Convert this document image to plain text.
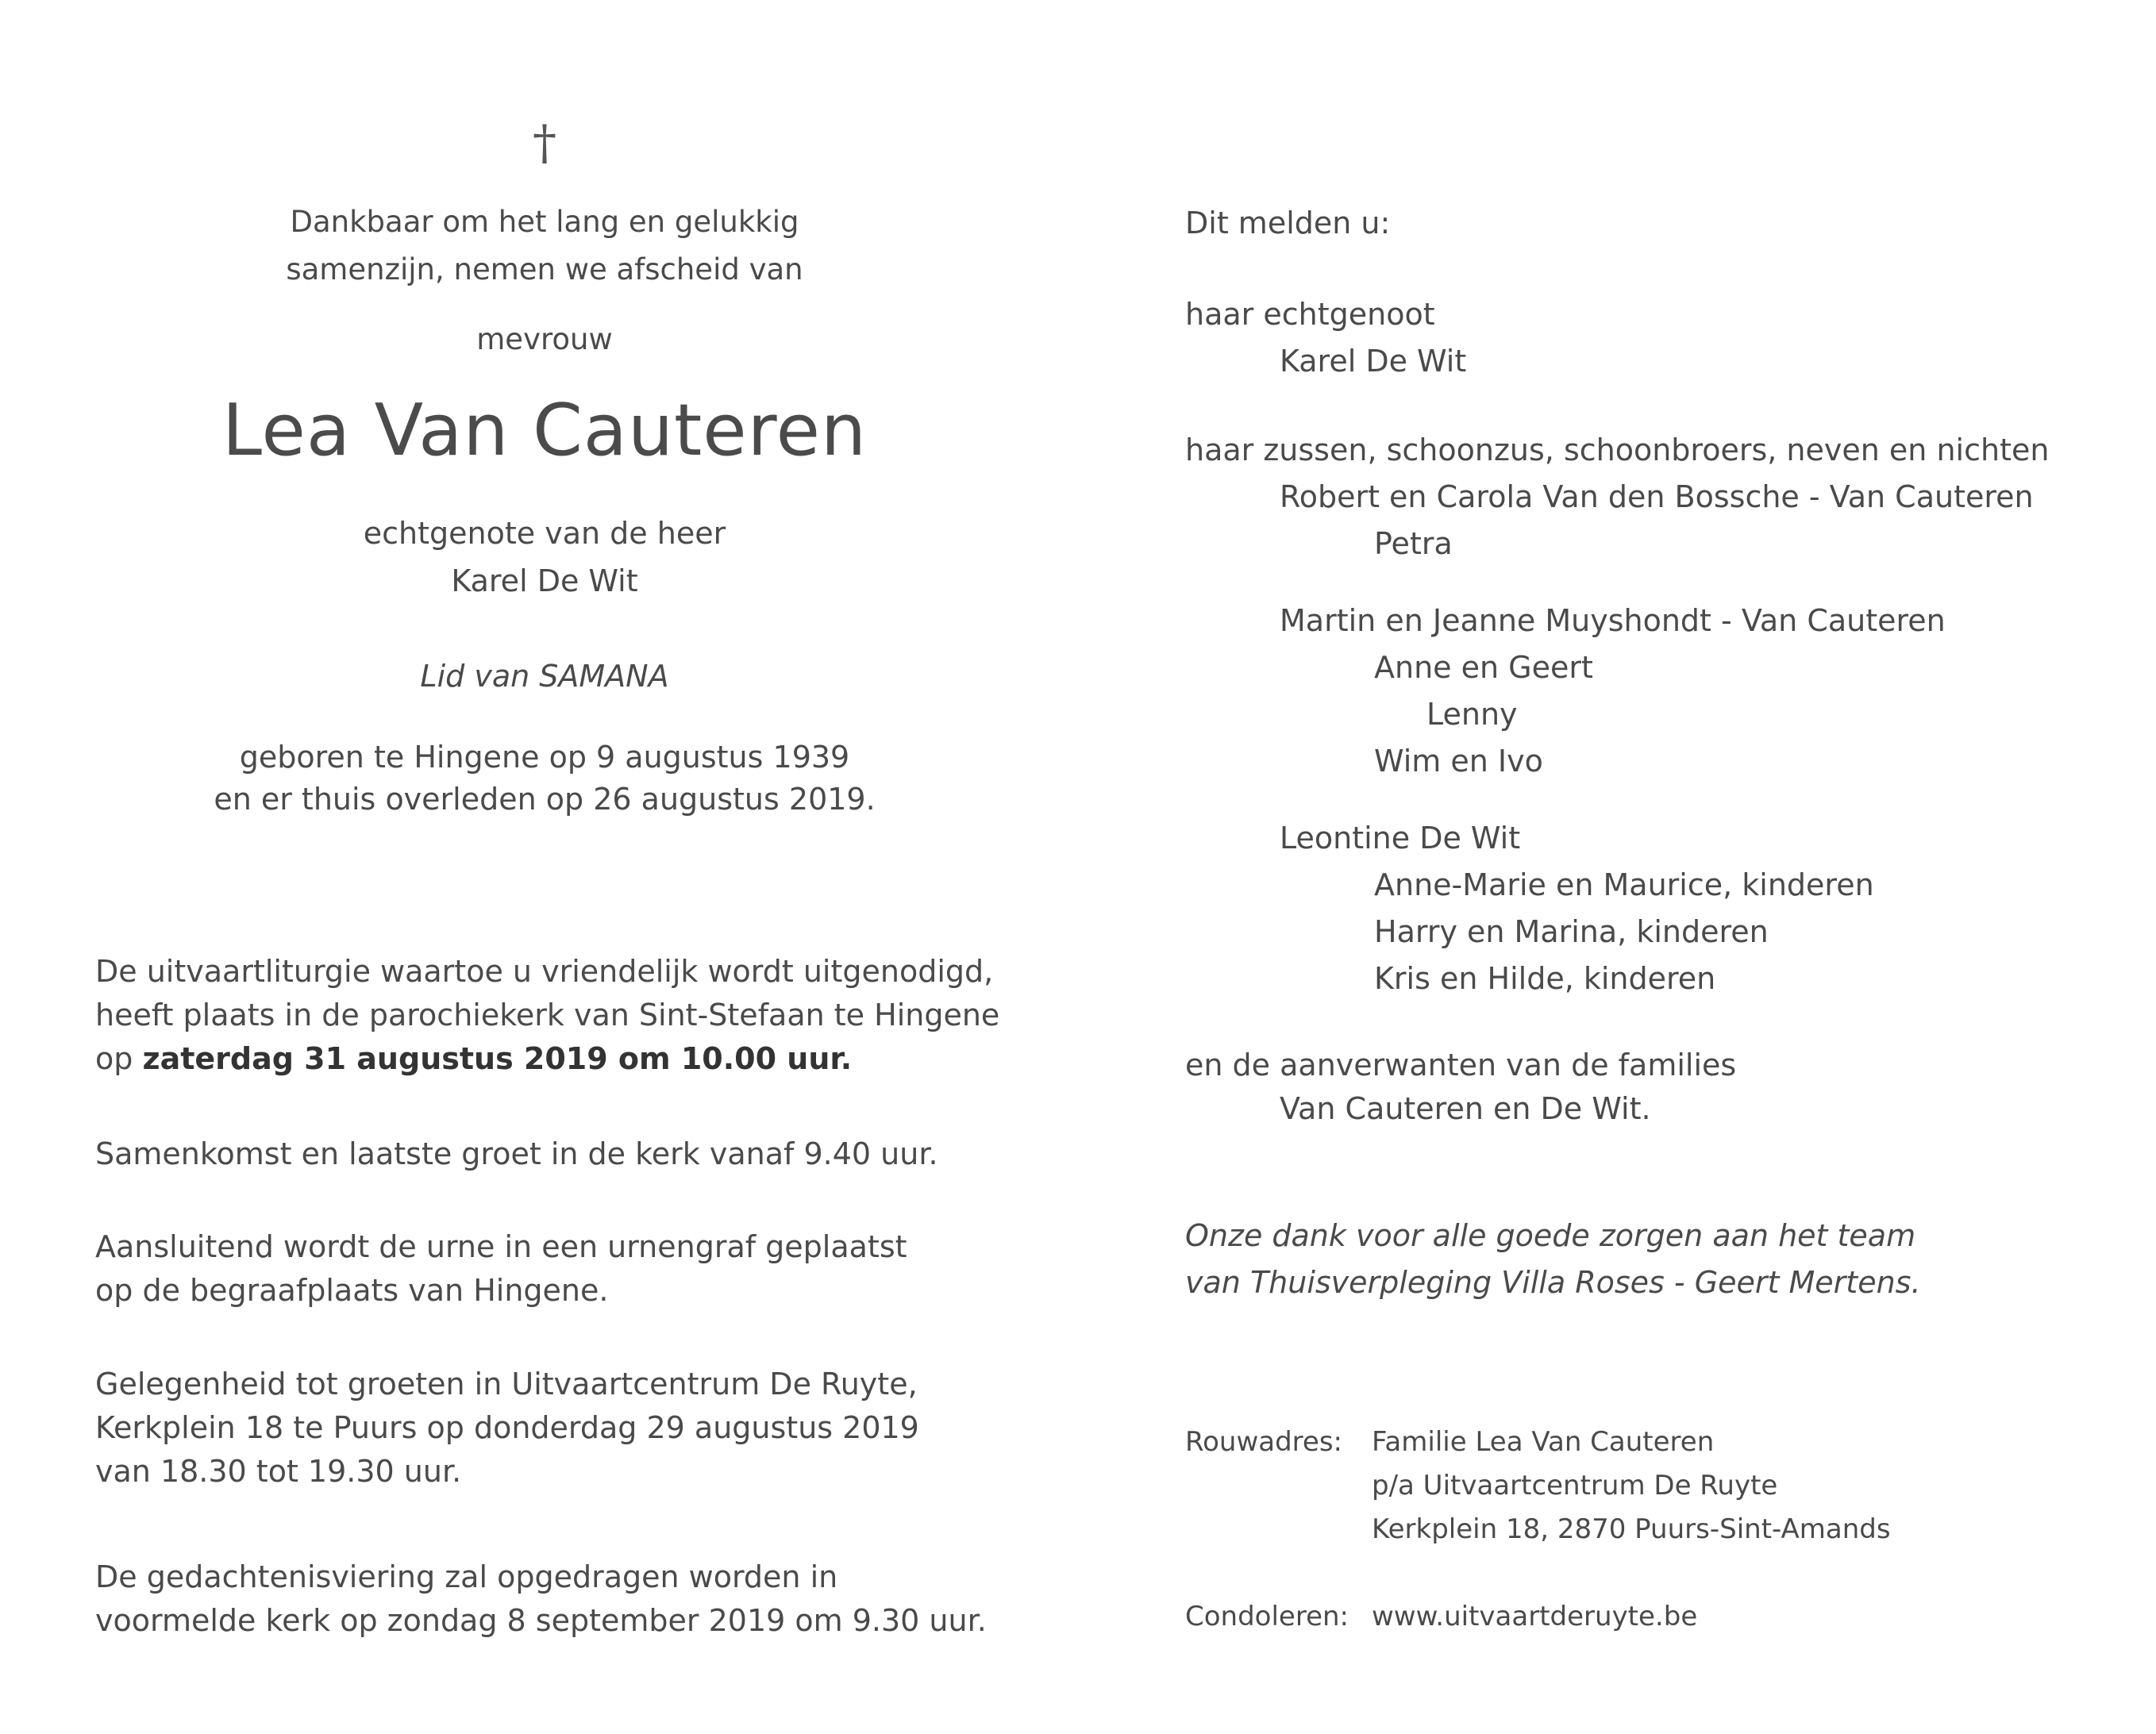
†
Dankbaar om het lang en gelukkig
samenzijn, nemen we afscheid van
mevrouw
Lea Van Cauteren
echtgenote van de heer
Karel De Wit
Lid van SAMANA
geboren te Hingene op 9 augustus 1939
en er thuis overleden op 26 augustus 2019.
De uitvaartliturgie waartoe u vriendelijk wordt uitgenodigd,
heeft plaats in de parochiekerk van Sint-Stefaan te Hingene
op zaterdag 31 augustus 2019 om 10.00 uur.
Samenkomst en laatste groet in de kerk vanaf 9.40 uur.
Aansluitend wordt de urne in een urnengraf geplaatst
op de begraafplaats van Hingene.
Gelegenheid tot groeten in Uitvaartcentrum De Ruyte,
Kerkplein 18 te Puurs op donderdag 29 augustus 2019
van 18.30 tot 19.30 uur.
De gedachtenisviering zal opgedragen worden in
voormelde kerk op zondag 8 september 2019 om 9.30 uur.
Dit melden u:
haar echtgenoot
Karel De Wit
haar zussen, schoonzus, schoonbroers, neven en nichten
Robert en Carola Van den Bossche - Van Cauteren
Petra
Martin en Jeanne Muyshondt - Van Cauteren
Anne en Geert
Lenny
Wim en Ivo
Leontine De Wit
Anne-Marie en Maurice, kinderen
Harry en Marina, kinderen
Kris en Hilde, kinderen
en de aanverwanten van de families
Van Cauteren en De Wit.
Onze dank voor alle goede zorgen aan het team
van Thuisverpleging Villa Roses - Geert Mertens.
Rouwadres: Familie Lea Van Cauteren
p/a Uitvaartcentrum De Ruyte
Kerkplein 18, 2870 Puurs-Sint-Amands
Condoleren: www.uitvaartderuyte.be
